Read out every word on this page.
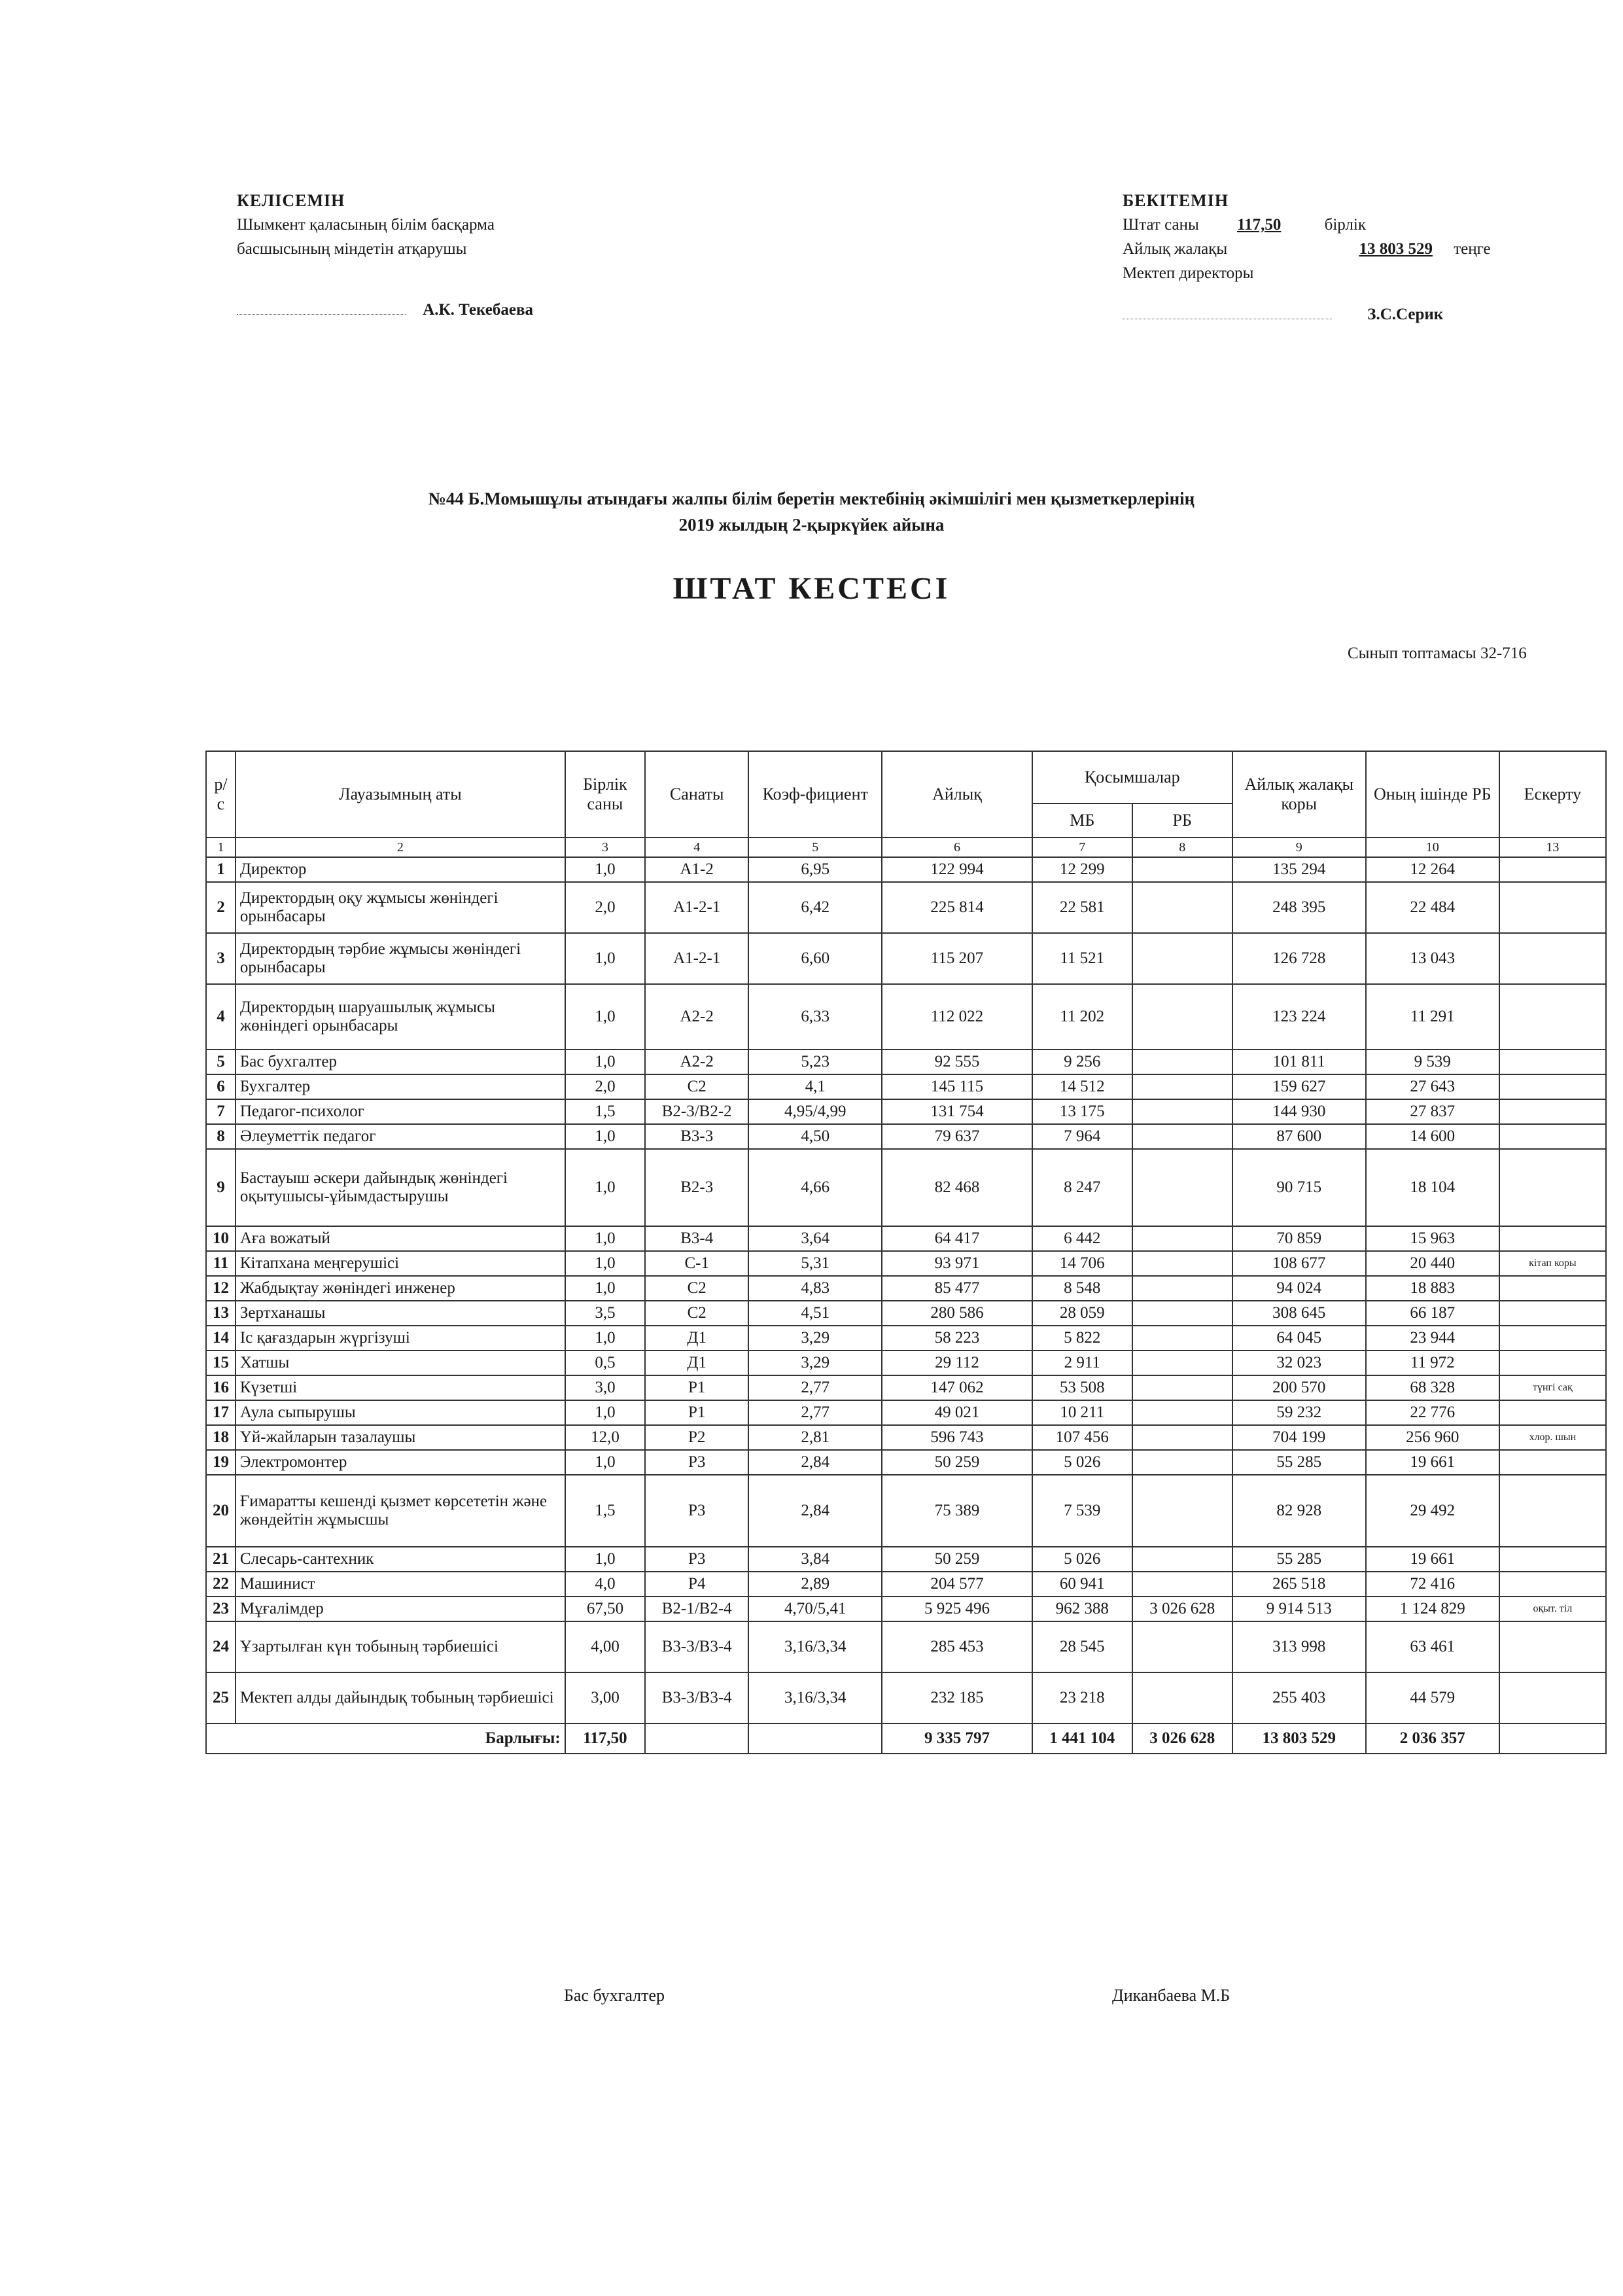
КЕЛІСЕМІН
Шымкент қаласының білім басқарма
басшысының міндетін атқарушы
А.К. Текебаева
БЕКІТЕМІН
Штат саны 117,50	бірлік
Айлық жалақы	13 803 529 теңге
Мектеп директоры
З.С.Серик
№44 Б.Момышұлы атындағы жалпы білім беретін мектебінің әкімшілігі мен қызметкерлерінің
2019 жылдың 2-қыркүйек айына
ШТАТ КЕСТЕСІ
Сынып топтамасы 32-716
р/с	Лауазымның аты	Бірлік саны	Санаты	Коэф-фициент	Айлық	Қосымшалар		Айлық жалақы коры	Оның ішінде РБ	Ескерту
						МБ	РБ			
1	2	3	4	5	6	7	8	9	10	13
1	Директор	1,0	А1-2	6,95	122 994	12 299		135 294	12 264	
2	Директордың оқу жұмысы жөніндегі орынбасары	2,0	А1-2-1	6,42	225 814	22 581		248 395	22 484	
3	Директордың тәрбие жұмысы жөніндегі орынбасары	1,0	А1-2-1	6,60	115 207	11 521		126 728	13 043	
4	Директордың шаруашылық жұмысы жөніндегі орынбасары	1,0	А2-2	6,33	112 022	11 202		123 224	11 291	
5	Бас бухгалтер	1,0	А2-2	5,23	92 555	9 256		101 811	9 539	
6	Бухгалтер	2,0	С2	4,1	145 115	14 512		159 627	27 643	
7	Педагог-психолог	1,5	В2-3/В2-2	4,95/4,99	131 754	13 175		144 930	27 837	
8	Әлеуметтік педагог	1,0	В3-3	4,50	79 637	7 964		87 600	14 600	
9	Бастауыш әскери дайындық жөніндегі оқытушысы-ұйымдастырушы	1,0	В2-3	4,66	82 468	8 247		90 715	18 104	
10	Аға вожатый	1,0	В3-4	3,64	64 417	6 442		70 859	15 963	
11	Кітапхана меңгерушісі	1,0	С-1	5,31	93 971	14 706		108 677	20 440	кітап коры
12	Жабдықтау жөніндегі инженер	1,0	С2	4,83	85 477	8 548		94 024	18 883	
13	Зертханашы	3,5	С2	4,51	280 586	28 059		308 645	66 187	
14	Іс қағаздарын жүргізуші	1,0	Д1	3,29	58 223	5 822		64 045	23 944	
15	Хатшы	0,5	Д1	3,29	29 112	2 911		32 023	11 972	
16	Күзетші	3,0	Р1	2,77	147 062	53 508		200 570	68 328	түнгі сақ
17	Аула сыпырушы	1,0	Р1	2,77	49 021	10 211		59 232	22 776	
18	Үй-жайларын тазалаушы	12,0	Р2	2,81	596 743	107 456		704 199	256 960	хлор. шын
19	Электромонтер	1,0	Р3	2,84	50 259	5 026		55 285	19 661	
20	Ғимаратты кешенді қызмет көрсететін және жөндейтін жұмысшы	1,5	Р3	2,84	75 389	7 539		82 928	29 492	
21	Слесарь-сантехник	1,0	Р3	3,84	50 259	5 026		55 285	19 661	
22	Машинист	4,0	Р4	2,89	204 577	60 941		265 518	72 416	
23	Мұғалімдер	67,50	В2-1/В2-4	4,70/5,41	5 925 496	962 388	3 026 628	9 914 513	1 124 829	оқыт. тіл
24	Ұзартылған күн тобының тәрбиешісі	4,00	В3-3/В3-4	3,16/3,34	285 453	28 545		313 998	63 461	
25	Мектеп алды дайындық тобының тәрбиешісі	3,00	В3-3/В3-4	3,16/3,34	232 185	23 218		255 403	44 579	
Барлығы:		117,50			9 335 797	1 441 104	3 026 628	13 803 529	2 036 357	
Бас бухгалтер	Диканбаева М.Б
